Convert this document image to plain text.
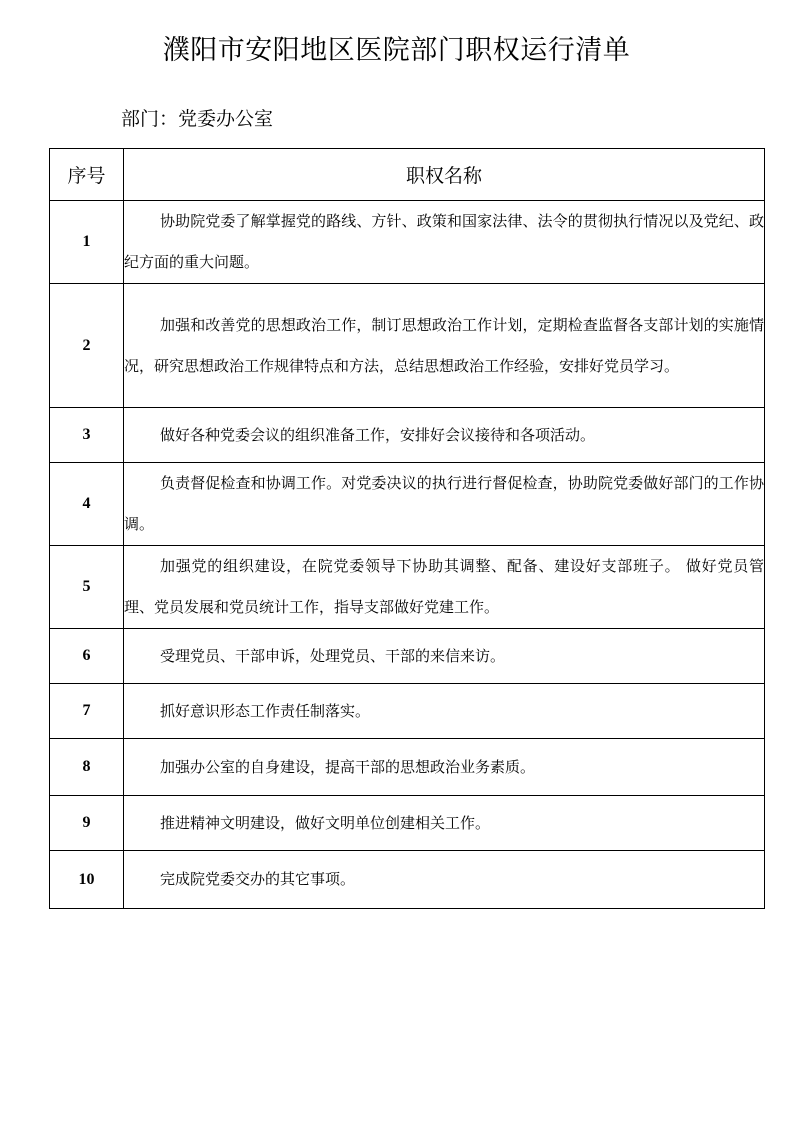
濮阳市安阳地区医院部门职权运行清单
部门：党委办公室
序号	职权名称
1	协助院党委了解掌握党的路线、方针、政策和国家法律、法令的贯彻执行情况以及党纪、政纪方面的重大问题。
2	加强和改善党的思想政治工作，制订思想政治工作计划，定期检查监督各支部计划的实施情况，研究思想政治工作规律特点和方法，总结思想政治工作经验，安排好党员学习。
3	做好各种党委会议的组织准备工作，安排好会议接待和各项活动。
4	负责督促检查和协调工作。对党委决议的执行进行督促检查，协助院党委做好部门的工作协调。
5	加强党的组织建设，在院党委领导下协助其调整、配备、建设好支部班子。 做好党员管理、党员发展和党员统计工作，指导支部做好党建工作。
6	受理党员、干部申诉，处理党员、干部的来信来访。
7	抓好意识形态工作责任制落实。
8	加强办公室的自身建设，提高干部的思想政治业务素质。
9	推进精神文明建设，做好文明单位创建相关工作。
10	完成院党委交办的其它事项。
